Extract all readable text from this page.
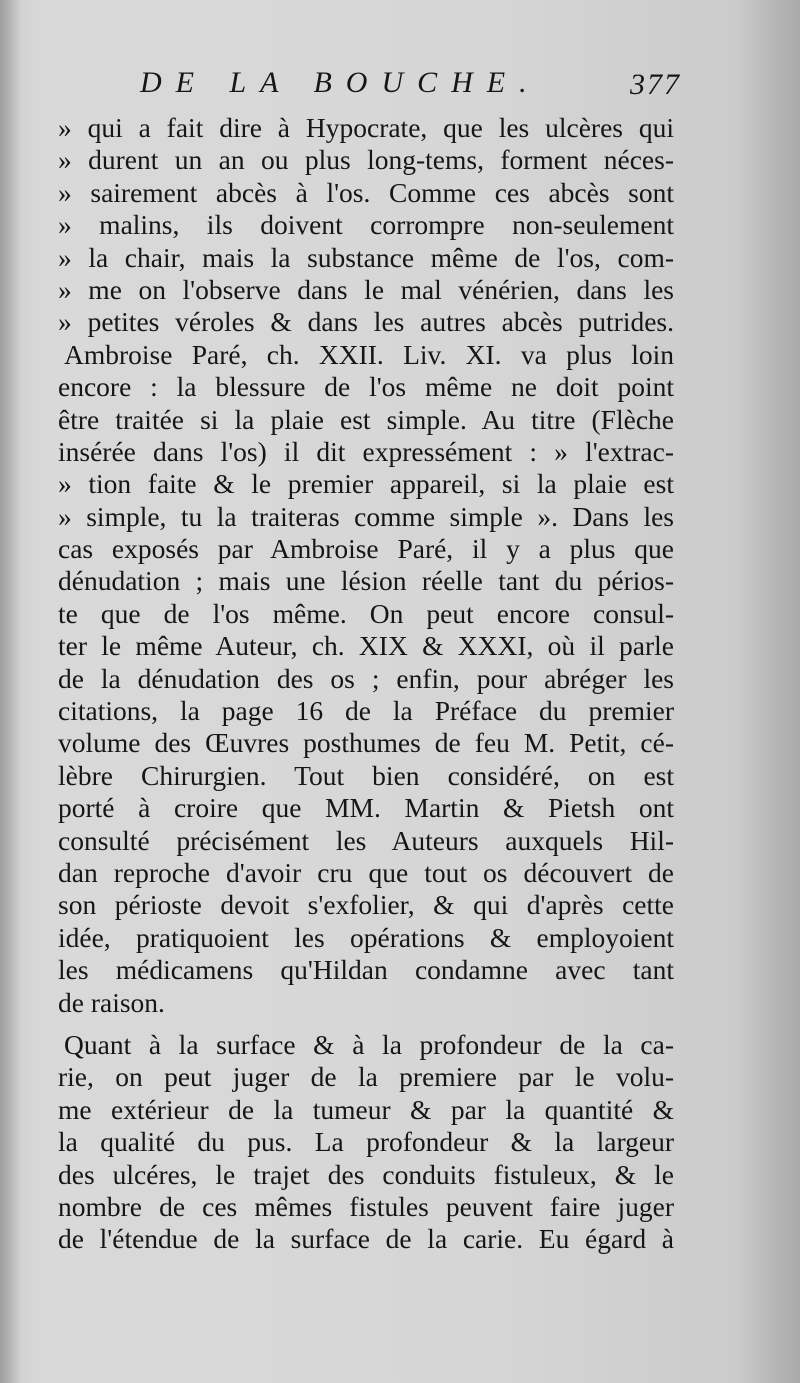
DE LA BOUCHE.	377
» qui a fait dire à Hypocrate, que les ulcères qui
» durent un an ou plus long-tems, forment néces-
» sairement abcès à l'os. Comme ces abcès sont
» malins, ils doivent corrompre non-seulement
» la chair, mais la substance même de l'os, com-
» me on l'observe dans le mal vénérien, dans les
» petites véroles & dans les autres abcès putrides.
Ambroise Paré, ch. XXII. Liv. XI. va plus loin
encore : la blessure de l'os même ne doit point
être traitée si la plaie est simple. Au titre (Flèche
insérée dans l'os) il dit expressément : » l'extrac-
» tion faite & le premier appareil, si la plaie est
» simple, tu la traiteras comme simple ». Dans les
cas exposés par Ambroise Paré, il y a plus que
dénudation ; mais une lésion réelle tant du périos-
te que de l'os même. On peut encore consul-
ter le même Auteur, ch. XIX & XXXI, où il parle
de la dénudation des os ; enfin, pour abréger les
citations, la page 16 de la Préface du premier
volume des Œuvres posthumes de feu M. Petit, cé-
lèbre Chirurgien. Tout bien considéré, on est
porté à croire que MM. Martin & Pietsh ont
consulté précisément les Auteurs auxquels Hil-
dan reproche d'avoir cru que tout os découvert de
son périoste devoit s'exfolier, & qui d'après cette
idée, pratiquoient les opérations & employoient
les médicamens qu'Hildan condamne avec tant
de raison.
Quant à la surface & à la profondeur de la ca-
rie, on peut juger de la premiere par le volu-
me extérieur de la tumeur & par la quantité &
la qualité du pus. La profondeur & la largeur
des ulcéres, le trajet des conduits fistuleux, & le
nombre de ces mêmes fistules peuvent faire juger
de l'étendue de la surface de la carie. Eu égard à
